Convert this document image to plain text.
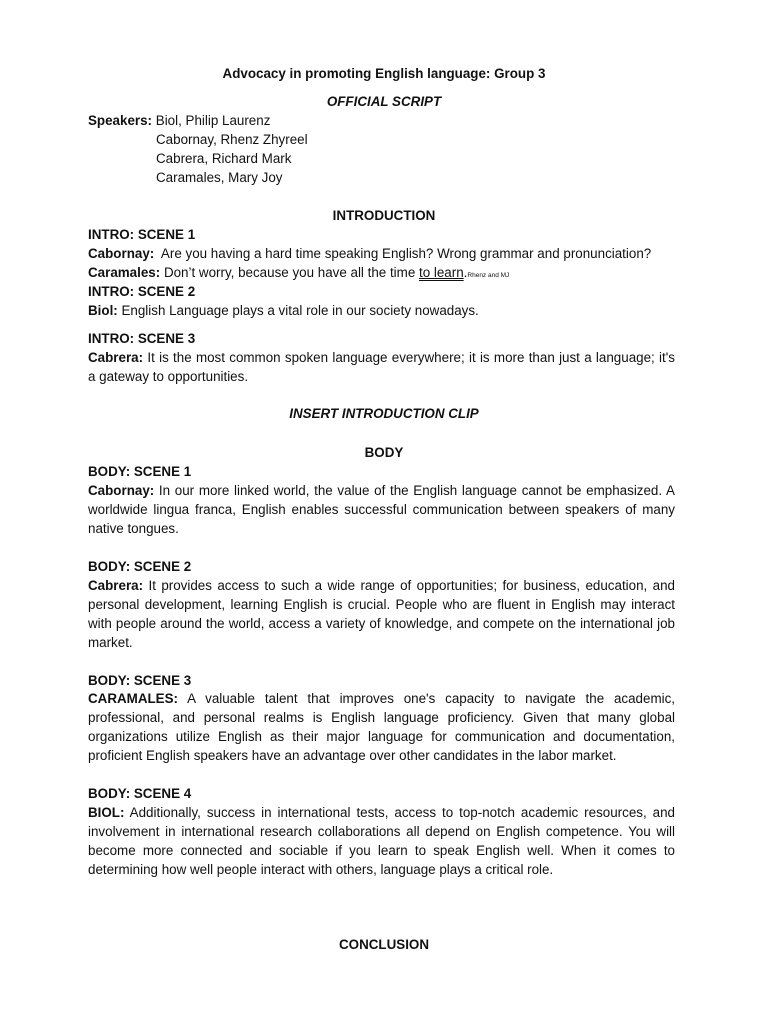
Advocacy in promoting English language: Group 3
OFFICIAL SCRIPT
Speakers: Biol, Philip Laurenz
Cabornay, Rhenz Zhyreel
Cabrera, Richard Mark
Caramales, Mary Joy
INTRODUCTION
INTRO: SCENE 1
Cabornay:  Are you having a hard time speaking English? Wrong grammar and pronunciation?
Caramales: Don’t worry, because you have all the time to learn.Rhenz and MJ
INTRO: SCENE 2
Biol: English Language plays a vital role in our society nowadays.
INTRO: SCENE 3
Cabrera: It is the most common spoken language everywhere; it is more than just a language; it's a gateway to opportunities.
INSERT INTRODUCTION CLIP
BODY
BODY: SCENE 1
Cabornay: In our more linked world, the value of the English language cannot be emphasized. A worldwide lingua franca, English enables successful communication between speakers of many native tongues.
BODY: SCENE 2
Cabrera: It provides access to such a wide range of opportunities; for business, education, and personal development, learning English is crucial. People who are fluent in English may interact with people around the world, access a variety of knowledge, and compete on the international job market.
BODY: SCENE 3
CARAMALES: A valuable talent that improves one's capacity to navigate the academic, professional, and personal realms is English language proficiency. Given that many global organizations utilize English as their major language for communication and documentation, proficient English speakers have an advantage over other candidates in the labor market.
BODY: SCENE 4
BIOL: Additionally, success in international tests, access to top-notch academic resources, and involvement in international research collaborations all depend on English competence. You will become more connected and sociable if you learn to speak English well. When it comes to determining how well people interact with others, language plays a critical role.
CONCLUSION
